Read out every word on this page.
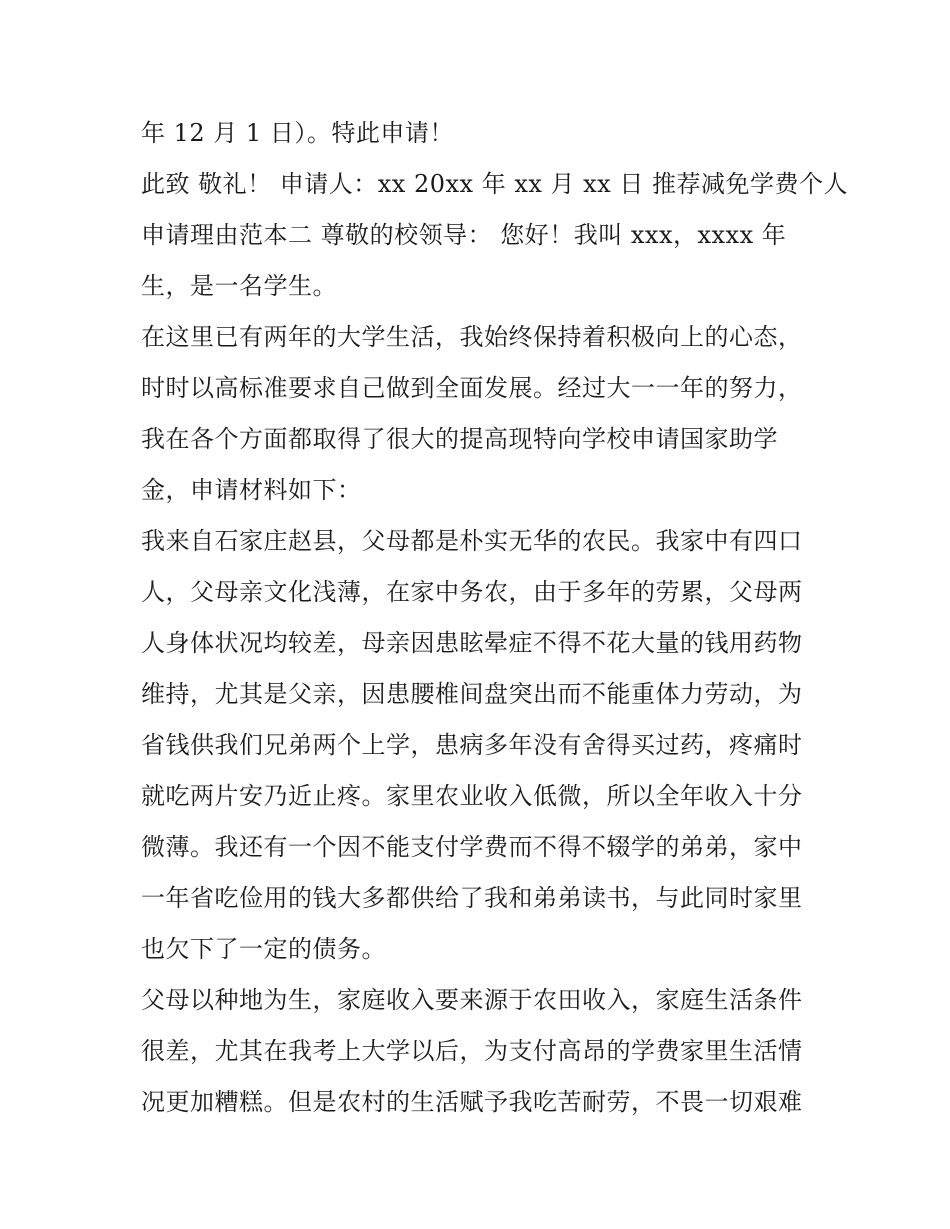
年 12 月 1 日）。特此申请！
此致 敬礼！ 申请人：xx 20xx 年 xx 月 xx 日 推荐减免学费个人
申请理由范本二 尊敬的校领导： 您好！我叫 xxx，xxxx 年
生，是一名学生。
在这里已有两年的大学生活，我始终保持着积极向上的心态，
时时以高标准要求自己做到全面发展。经过大一一年的努力，
我在各个方面都取得了很大的提高现特向学校申请国家助学
金，申请材料如下：
我来自石家庄赵县，父母都是朴实无华的农民。我家中有四口
人，父母亲文化浅薄，在家中务农，由于多年的劳累，父母两
人身体状况均较差，母亲因患眩晕症不得不花大量的钱用药物
维持，尤其是父亲，因患腰椎间盘突出而不能重体力劳动，为
省钱供我们兄弟两个上学，患病多年没有舍得买过药，疼痛时
就吃两片安乃近止疼。家里农业收入低微，所以全年收入十分
微薄。我还有一个因不能支付学费而不得不辍学的弟弟，家中
一年省吃俭用的钱大多都供给了我和弟弟读书，与此同时家里
也欠下了一定的债务。
父母以种地为生，家庭收入要来源于农田收入，家庭生活条件
很差，尤其在我考上大学以后，为支付高昂的学费家里生活情
况更加糟糕。但是农村的生活赋予我吃苦耐劳，不畏一切艰难
